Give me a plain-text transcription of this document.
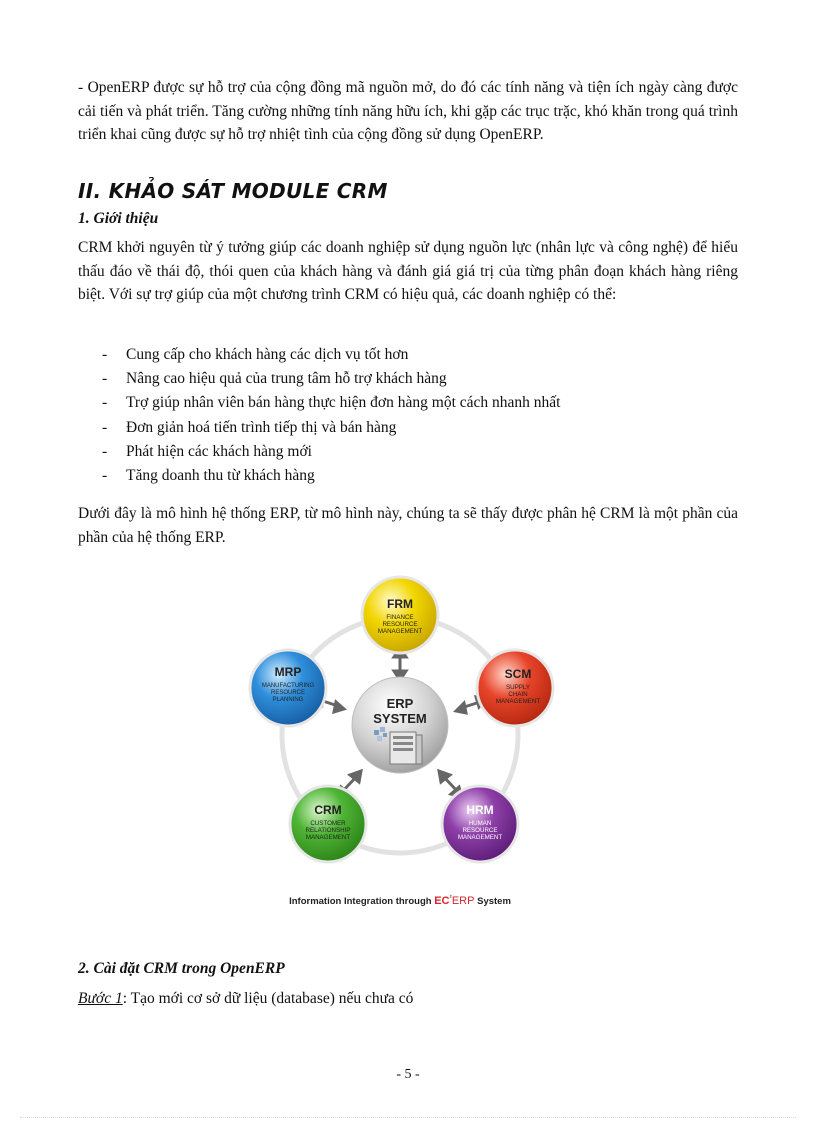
- OpenERP được sự hỗ trợ của cộng đồng mã nguồn mở, do đó các tính năng và tiện ích ngày càng được cải tiến và phát triển. Tăng cường những tính năng hữu ích, khi gặp các trục trặc, khó khăn trong quá trình triển khai cũng được sự hỗ trợ nhiệt tình của cộng đồng sử dụng OpenERP.

II. KHẢO SÁT MODULE CRM
1. Giới thiệu

CRM khởi nguyên từ ý tưởng giúp các doanh nghiệp sử dụng nguồn lực (nhân lực và công nghệ) để hiểu thấu đáo về thái độ, thói quen của khách hàng và đánh giá giá trị của từng phân đoạn khách hàng riêng biệt. Với sự trợ giúp của một chương trình CRM có hiệu quả, các doanh nghiệp có thể:

- Cung cấp cho khách hàng các dịch vụ tốt hơn
- Nâng cao hiệu quả của trung tâm hỗ trợ khách hàng
- Trợ giúp nhân viên bán hàng thực hiện đơn hàng một cách nhanh nhất
- Đơn giản hoá tiến trình tiếp thị và bán hàng
- Phát hiện các khách hàng mới
- Tăng doanh thu từ khách hàng

Dưới đây là mô hình hệ thống ERP, từ mô hình này, chúng ta sẽ thấy được phân hệ CRM là một phần của phần của hệ thống ERP.

ERP
SYSTEM
FRM
FINANCE
RESOURCE
MANAGEMENT
SCM
SUPPLY
CHAIN
MANAGEMENT
HRM
HUMAN
RESOURCE
MANAGEMENT
CRM
CUSTOMER
RELATIONSHIP
MANAGEMENT
MRP
MANUFACTURING
RESOURCE
PLANNING
Information Integration through $EC^{^2}ERP$ System
2. Cài đặt CRM trong OpenERP
Bước 1: Tạo mới cơ sở dữ liệu (database) nếu chưa có
- 5 -
